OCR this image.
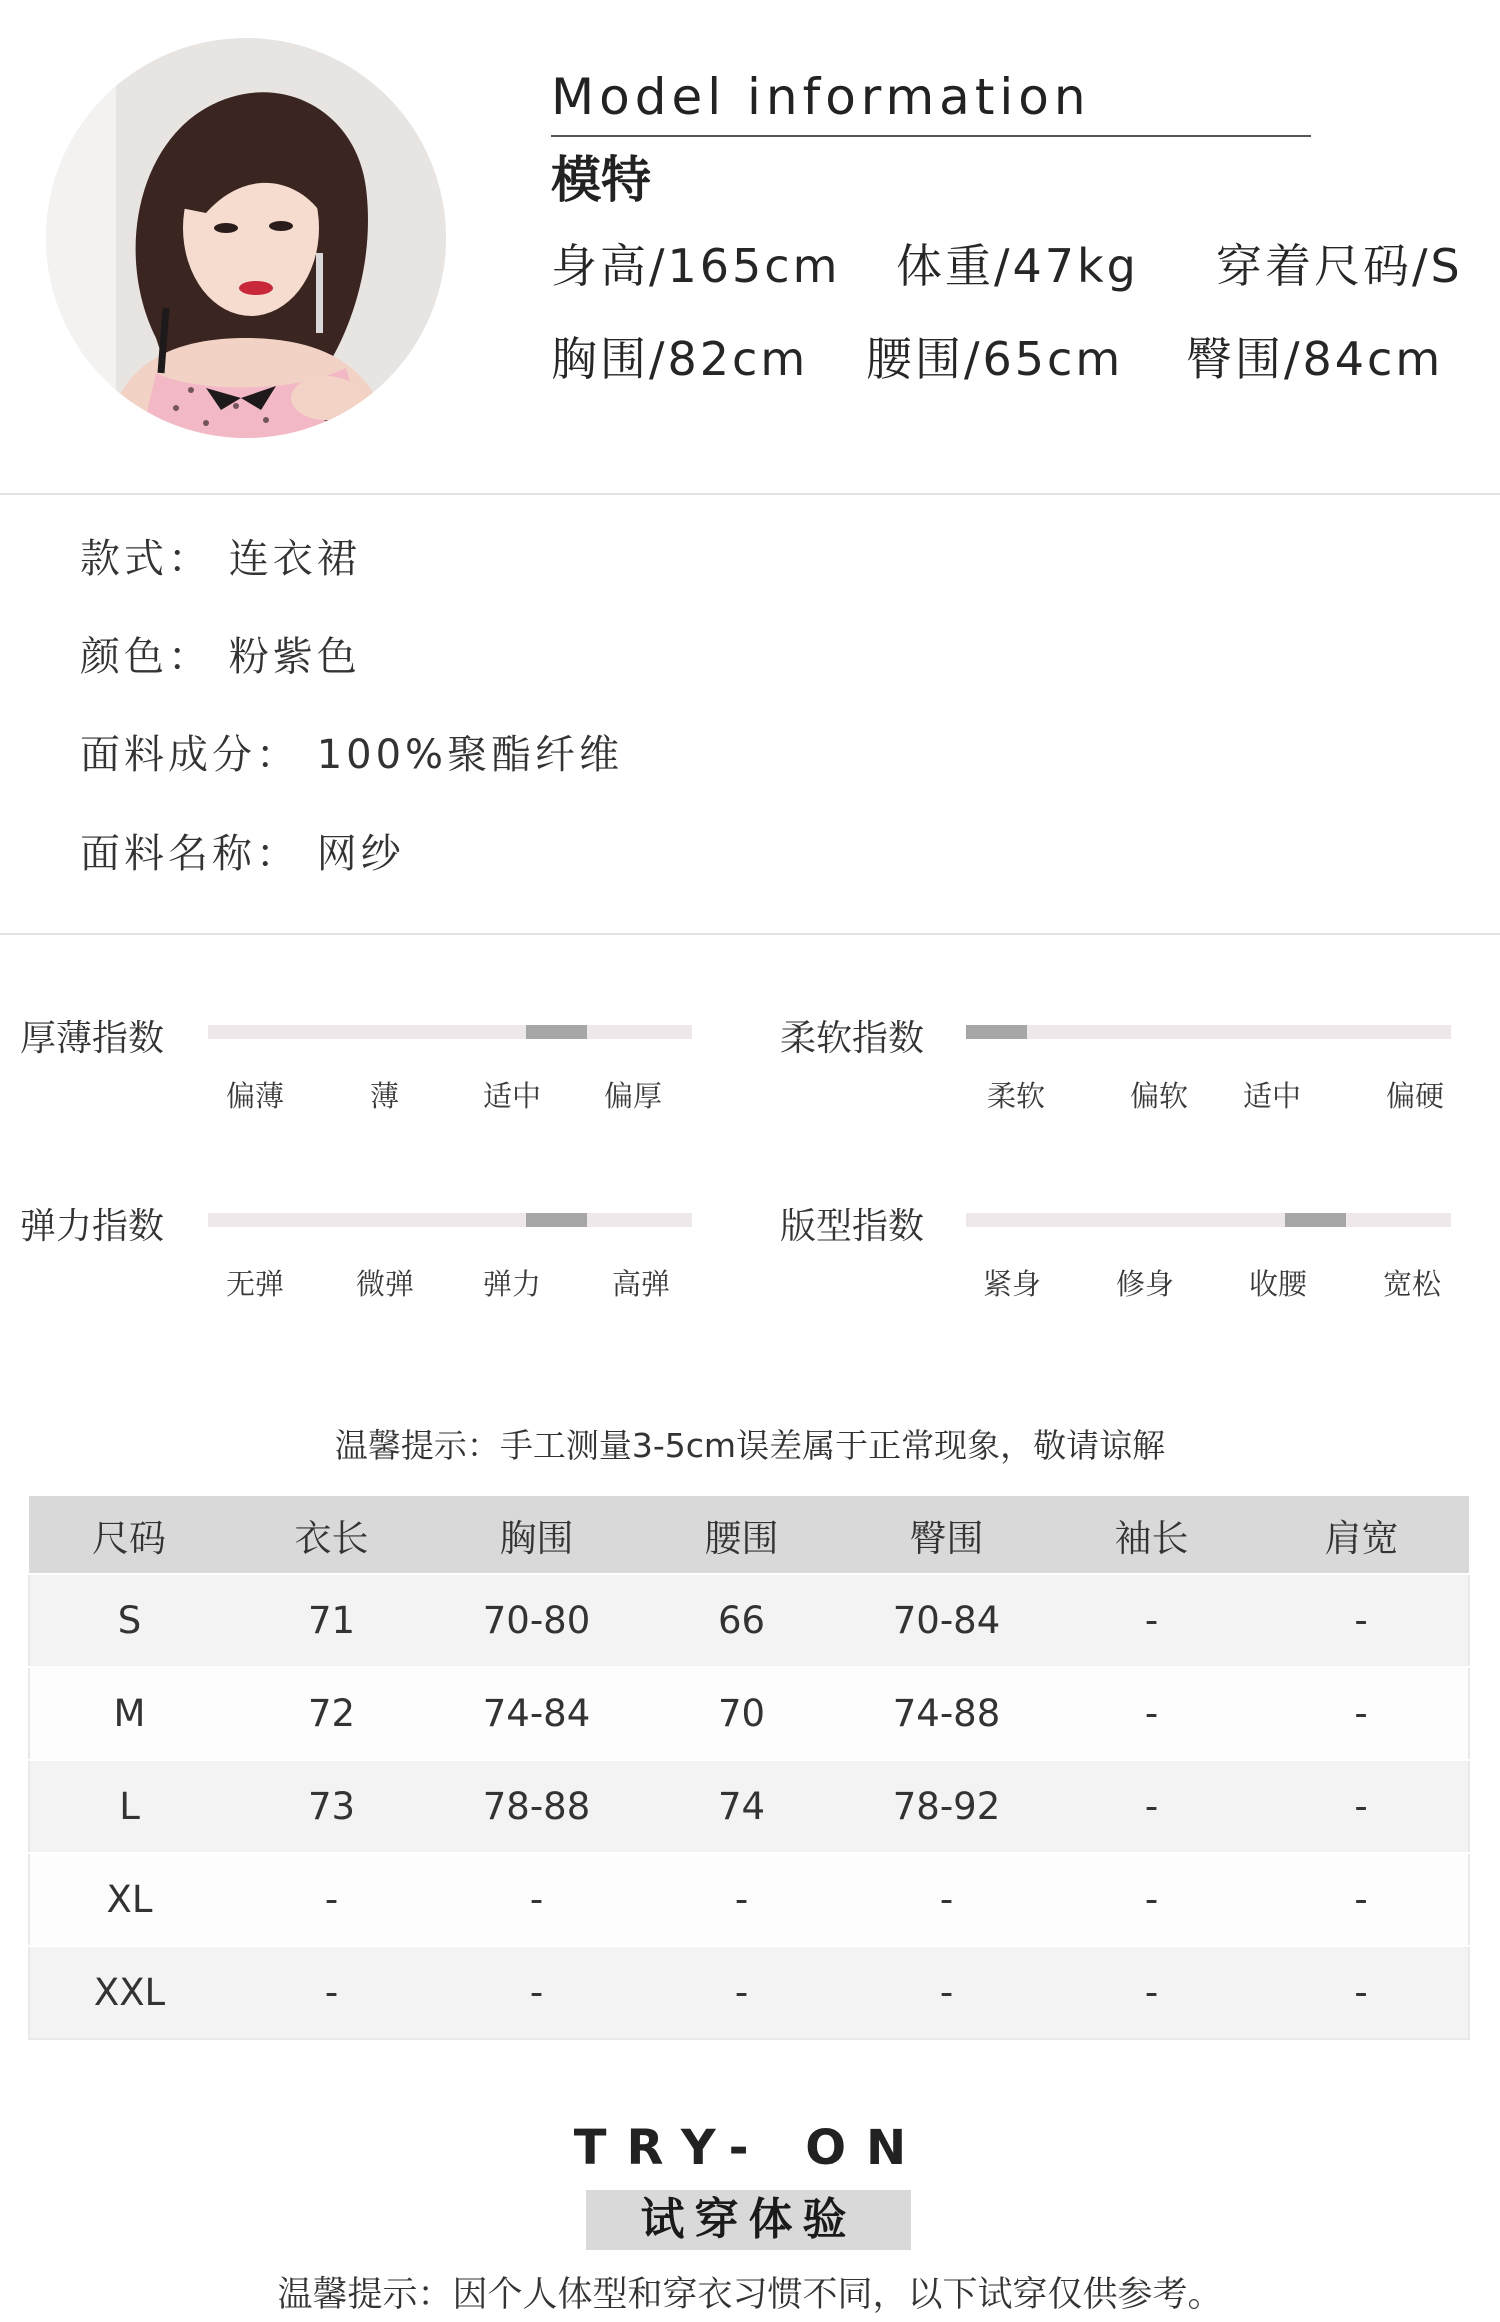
Model information
模特
身高/165cm 体重/47kg 穿着尺码/S
胸围/82cm 腰围/65cm 臀围/84cm
款式： 连衣裙
颜色： 粉紫色
面料成分： 100%聚酯纤维
面料名称： 网纱
厚薄指数
偏薄	薄	适中 偏厚
柔软指数
柔软	偏软 适中	偏硬
弹力指数
无弹 微弹 弹力 高弹
版型指数
紧身	修身	收腰	宽松
温馨提示：手工测量3-5cm误差属于正常现象，敬请谅解
尺码	衣长	胸围	腰围	臀围	袖长	肩宽
S	71	70-80	66	70-84	-	-
M	72	74-84	70	74-88	-	-
L	73	78-88	74	78-92	-	-
XL	-	-	-	-	-	-
XXL	-	-	-	-	-	-
TRY- ON
试穿体验
温馨提示：因个人体型和穿衣习惯不同，以下试穿仅供参考。
